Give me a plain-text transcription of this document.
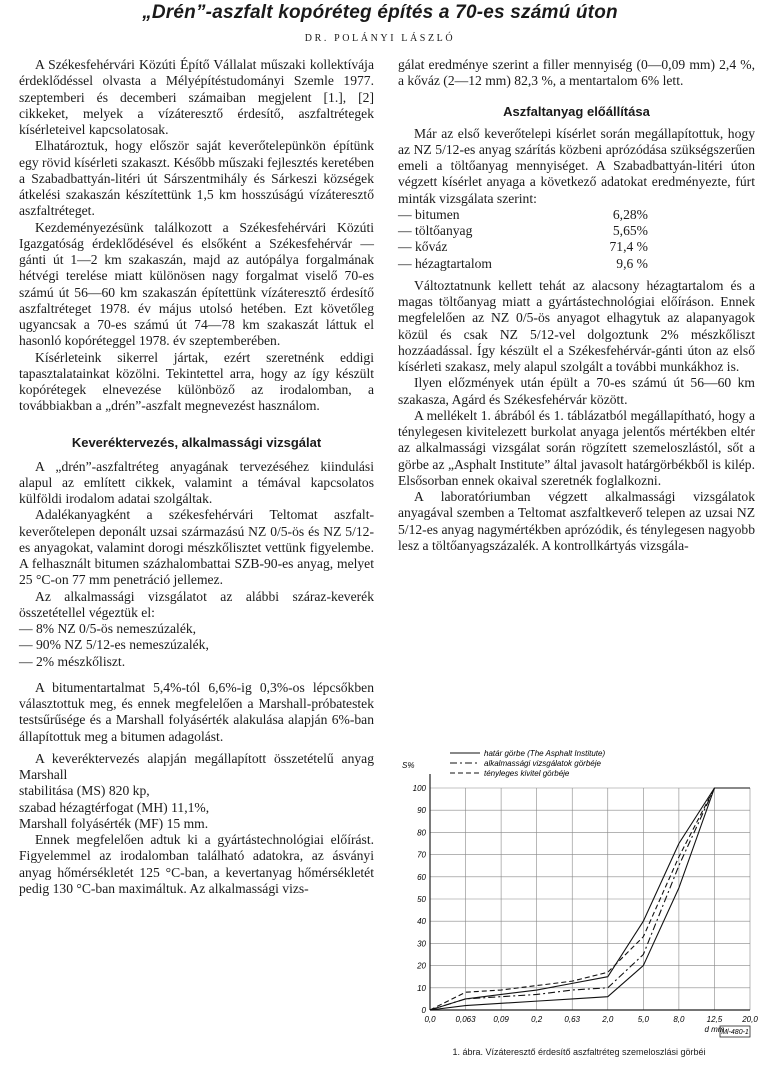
„Drén”-aszfalt kopóréteg építés a 70-es számú úton
DR. POLÁNYI LÁSZLÓ

A Székesfehérvári Közúti Építő Vállalat műszaki kollektívája érdeklődéssel olvasta a Mélyépítéstudományi Szemle 1977. szeptemberi és decemberi számaiban megjelent [1.], [2] cikkeket, melyek a vízáteresztő érdesítő, aszfaltrétegek kísérleteivel kapcsolatosak.

Elhatároztuk, hogy először saját keverőtelepünkön építünk egy rövid kísérleti szakaszt. Később műszaki fejlesztés keretében a Szabadbattyán-litéri út Sárszentmihály és Sárkeszi községek átkelési szakaszán készítettünk 1,5 km hosszúságú vízáteresztő aszfaltréteget.

Kezdeményezésünk találkozott a Székesfehérvári Közúti Igazgatóság érdeklődésével és elsőként a Székesfehérvár — gánti út 1—2 km szakaszán, majd az autópálya forgalmának hétvégi terelése miatt különösen nagy forgalmat viselő 70-es számú út 56—60 km szakaszán építettünk vízáteresztő érdesítő aszfaltréteget 1978. év május utolsó hetében. Ezt követőleg ugyancsak a 70-es számú út 74—78 km szakaszát láttuk el hasonló kopóréteggel 1978. év szeptemberében.

Kísérleteink sikerrel jártak, ezért szeretnénk eddigi tapasztalatainkat közölni. Tekintettel arra, hogy az így készült kopórétegek elnevezése különböző az irodalomban, a továbbiakban a „drén”-aszfalt megnevezést használom.

Keveréktervezés, alkalmassági vizsgálat

A „drén”-aszfaltréteg anyagának tervezéséhez kiindulási alapul az említett cikkek, valamint a témával kapcsolatos külföldi irodalom adatai szolgáltak.

Adalékanyagként a székesfehérvári Teltomat aszfalt-keverőtelepen deponált uzsai származású NZ 0/5-ös és NZ 5/12-es anyagokat, valamint dorogi mészkőlisztet vettünk figyelembe. A felhasznált bitumen százhalombattai SZB-90-es anyag, melyet 25 °C-on 77 mm penetráció jellemez.

Az alkalmassági vizsgálatot az alábbi száraz-keverék összetétellel végeztük el:

— 8% NZ 0/5-ös nemeszúzalék,
— 90% NZ 5/12-es nemeszúzalék,
— 2% mészkőliszt.

A bitumentartalmat 5,4%-tól 6,6%-ig 0,3%-os lépcsőkben választottuk meg, és ennek megfelelően a Marshall-próbatestek testsűrűsége és a Marshall folyásérték alakulása alapján 6%-ban állapítottuk meg a bitumen adagolást.

A keveréktervezés alapján megállapított összetételű anyag Marshall

stabilitása (MS) 820 kp,

szabad hézagtérfogat (MH) 11,1%,

Marshall folyásérték (MF) 15 mm.

Ennek megfelelően adtuk ki a gyártástechnológiai előírást. Figyelemmel az irodalomban található adatokra, az ásványi anyag hőmérsékletét 125 °C-ban, a kevertanyag hőmérsékletét pedig 130 °C-ban maximáltuk. Az alkalmassági vizs-

gálat eredménye szerint a filler mennyiség (0—0,09 mm) 2,4 %, a kőváz (2—12 mm) 82,3 %, a mentartalom 6% lett.

Aszfaltanyag előállítása

Már az első keverőtelepi kísérlet során megállapítottuk, hogy az NZ 5/12-es anyag szárítás közbeni aprózódása szükségszerűen emeli a töltőanyag mennyiséget. A Szabadbattyán-litéri úton végzett kísérlet anyaga a következő adatokat eredményezte, fúrt minták vizsgálata szerint:

— bitumen	6,28%
— töltőanyag	5,65%
— kőváz	71,4 %
— hézagtartalom	9,6 %

Változtatnunk kellett tehát az alacsony hézagtartalom és a magas töltőanyag miatt a gyártástechnológiai előíráson. Ennek megfelelően az NZ 0/5-ös anyagot elhagytuk az alapanyagok közül és csak NZ 5/12-vel dolgoztunk 2% mészkőliszt hozzáadással. Így készült el a Székesfehérvár-gánti úton az első kísérleti szakasz, mely alapul szolgált a további munkákhoz is.

Ilyen előzmények után épült a 70-es számú út 56—60 km szakasza, Agárd és Székesfehérvár között.

A mellékelt 1. ábrából és 1. táblázatból megállapítható, hogy a ténylegesen kivitelezett burkolat anyaga jelentős mértékben eltér az alkalmassági vizsgálat során rögzített szemeloszlástól, sőt a görbe az „Asphalt Institute” által javasolt határgörbékből is kilép. Elsősorban ennek okaival szeretnék foglalkozni.

A laboratóriumban végzett alkalmassági vizsgálatok anyagával szemben a Teltomat aszfaltkeverő telepen az uzsai NZ 5/12-es anyag nagymértékben aprózódik, és ténylegesen nagyobb lesz a töltőanyagszázalék. A kontrollkártyás vizsgála-

0
10
20
30
40
50
60
70
80
90
100
0,0 0,063 0,09	0,2	0,63	2,0	5,0	8,0	12,5 20,0
S%
d mm
Ml-480-1
határ görbe (The Asphalt Institute)
alkalmassági vizsgálatok görbéje
tényleges kivitel görbéje
1. ábra. Vízáteresztő érdesítő aszfaltréteg szemeloszlási görbéi
